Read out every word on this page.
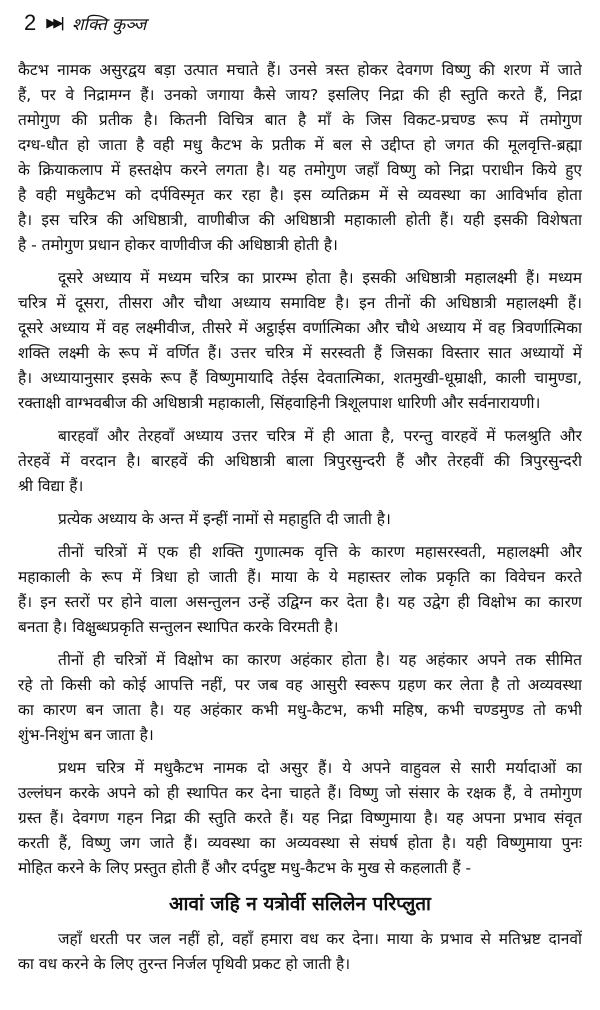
2 ▶▶| शक्ति कुञ्ज
कैटभ नामक असुरद्वय बड़ा उत्पात मचाते हैं। उनसे त्रस्त होकर देवगण विष्णु की शरण में जाते
हैं, पर वे निद्रामग्न हैं। उनको जगाया कैसे जाय? इसलिए निद्रा की ही स्तुति करते हैं, निद्रा
तमोगुण की प्रतीक है। कितनी विचित्र बात है माँ के जिस विकट-प्रचण्ड रूप में तमोगुण
दग्ध-धौत हो जाता है वही मधु कैटभ के प्रतीक में बल से उद्दीप्त हो जगत की मूलवृत्ति-ब्रह्मा
के क्रियाकलाप में हस्तक्षेप करने लगता है। यह तमोगुण जहाँ विष्णु को निद्रा पराधीन किये हुए
है वही मधुकैटभ को दर्पविस्मृत कर रहा है। इस व्यतिक्रम में से व्यवस्था का आविर्भाव होता
है। इस चरित्र की अधिष्ठात्री, वाणीबीज की अधिष्ठात्री महाकाली होती हैं। यही इसकी विशेषता
है - तमोगुण प्रधान होकर वाणीवीज की अधिष्ठात्री होती है।
दूसरे अध्याय में मध्यम चरित्र का प्रारम्भ होता है। इसकी अधिष्ठात्री महालक्ष्मी हैं। मध्यम
चरित्र में दूसरा, तीसरा और चौथा अध्याय समाविष्ट है। इन तीनों की अधिष्ठात्री महालक्ष्मी हैं।
दूसरे अध्याय में वह लक्ष्मीवीज, तीसरे में अट्ठाईस वर्णात्मिका और चौथे अध्याय में वह त्रिवर्णात्मिका
शक्ति लक्ष्मी के रूप में वर्णित हैं। उत्तर चरित्र में सरस्वती हैं जिसका विस्तार सात अध्यायों में
है। अध्यायानुसार इसके रूप हैं विष्णुमायादि तेईस देवतात्मिका, शतमुखी-धूम्राक्षी, काली चामुण्डा,
रक्ताक्षी वाग्भवबीज की अधिष्ठात्री महाकाली, सिंहवाहिनी त्रिशूलपाश धारिणी और सर्वनारायणी।
बारहवाँ और तेरहवाँ अध्याय उत्तर चरित्र में ही आता है, परन्तु वारहवें में फलश्रुति और
तेरहवें में वरदान है। बारहवें की अधिष्ठात्री बाला त्रिपुरसुन्दरी हैं और तेरहवीं की त्रिपुरसुन्दरी
श्री विद्या हैं।
प्रत्येक अध्याय के अन्त में इन्हीं नामों से महाहुति दी जाती है।
तीनों चरित्रों में एक ही शक्ति गुणात्मक वृत्ति के कारण महासरस्वती, महालक्ष्मी और
महाकाली के रूप में त्रिधा हो जाती हैं। माया के ये महास्तर लोक प्रकृति का विवेचन करते
हैं। इन स्तरों पर होने वाला असन्तुलन उन्हें उद्विग्न कर देता है। यह उद्वेग ही विक्षोभ का कारण
बनता है। विक्षुब्धप्रकृति सन्तुलन स्थापित करके विरमती है।
तीनों ही चरित्रों में विक्षोभ का कारण अहंकार होता है। यह अहंकार अपने तक सीमित
रहे तो किसी को कोई आपत्ति नहीं, पर जब वह आसुरी स्वरूप ग्रहण कर लेता है तो अव्यवस्था
का कारण बन जाता है। यह अहंकार कभी मधु-कैटभ, कभी महिष, कभी चण्डमुण्ड तो कभी
शुंभ-निशुंभ बन जाता है।
प्रथम चरित्र में मधुकैटभ नामक दो असुर हैं। ये अपने वाहुवल से सारी मर्यादाओं का
उल्लंघन करके अपने को ही स्थापित कर देना चाहते हैं। विष्णु जो संसार के रक्षक हैं, वे तमोगुण
ग्रस्त हैं। देवगण गहन निद्रा की स्तुति करते हैं। यह निद्रा विष्णुमाया है। यह अपना प्रभाव संवृत
करती हैं, विष्णु जग जाते हैं। व्यवस्था का अव्यवस्था से संघर्ष होता है। यही विष्णुमाया पुनः
मोहित करने के लिए प्रस्तुत होती हैं और दर्पदुष्ट मधु-कैटभ के मुख से कहलाती हैं -
आवां जहि न यत्रोर्वी सलिलेन परिप्लुता
जहाँ धरती पर जल नहीं हो, वहाँ हमारा वध कर देना। माया के प्रभाव से मतिभ्रष्ट दानवों
का वध करने के लिए तुरन्त निर्जल पृथिवी प्रकट हो जाती है।
